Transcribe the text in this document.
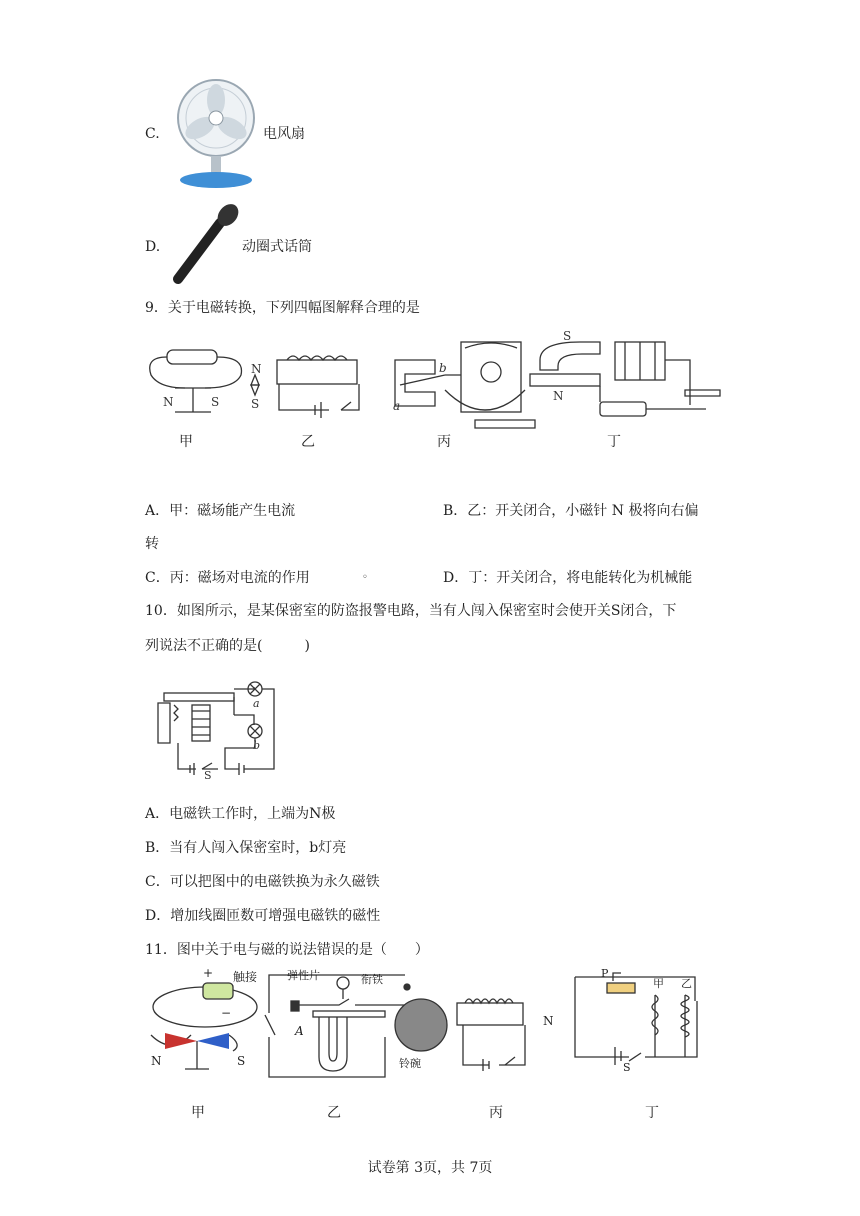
C.	电风扇
D.	动圈式话筒
9．关于电磁转换，下列四幅图解释合理的是
N	S
N
S	a
b
S
N
甲	乙	丙	丁
A．甲：磁场能产生电流	B．乙：开关闭合，小磁针 N 极将向右偏
转
C．丙：磁场对电流的作用	◦	D．丁：开关闭合，将电能转化为机械能
10．如图所示，是某保密室的防盗报警电路，当有人闯入保密室时会使开关S闭合，下
列说法不正确的是(　　　)
a
b
S
A．电磁铁工作时，上端为N极
B．当有人闯入保密室时，b灯亮
C．可以把图中的电磁铁换为永久磁铁
D．增加线圈匝数可增强电磁铁的磁性
11．图中关于电与磁的说法错误的是（　　）
+
−
触接
N	S
弹性片	衔铁
A
铃碗
N
P
甲 乙
S
甲	乙	丙	丁
试卷第 3页，共 7页
